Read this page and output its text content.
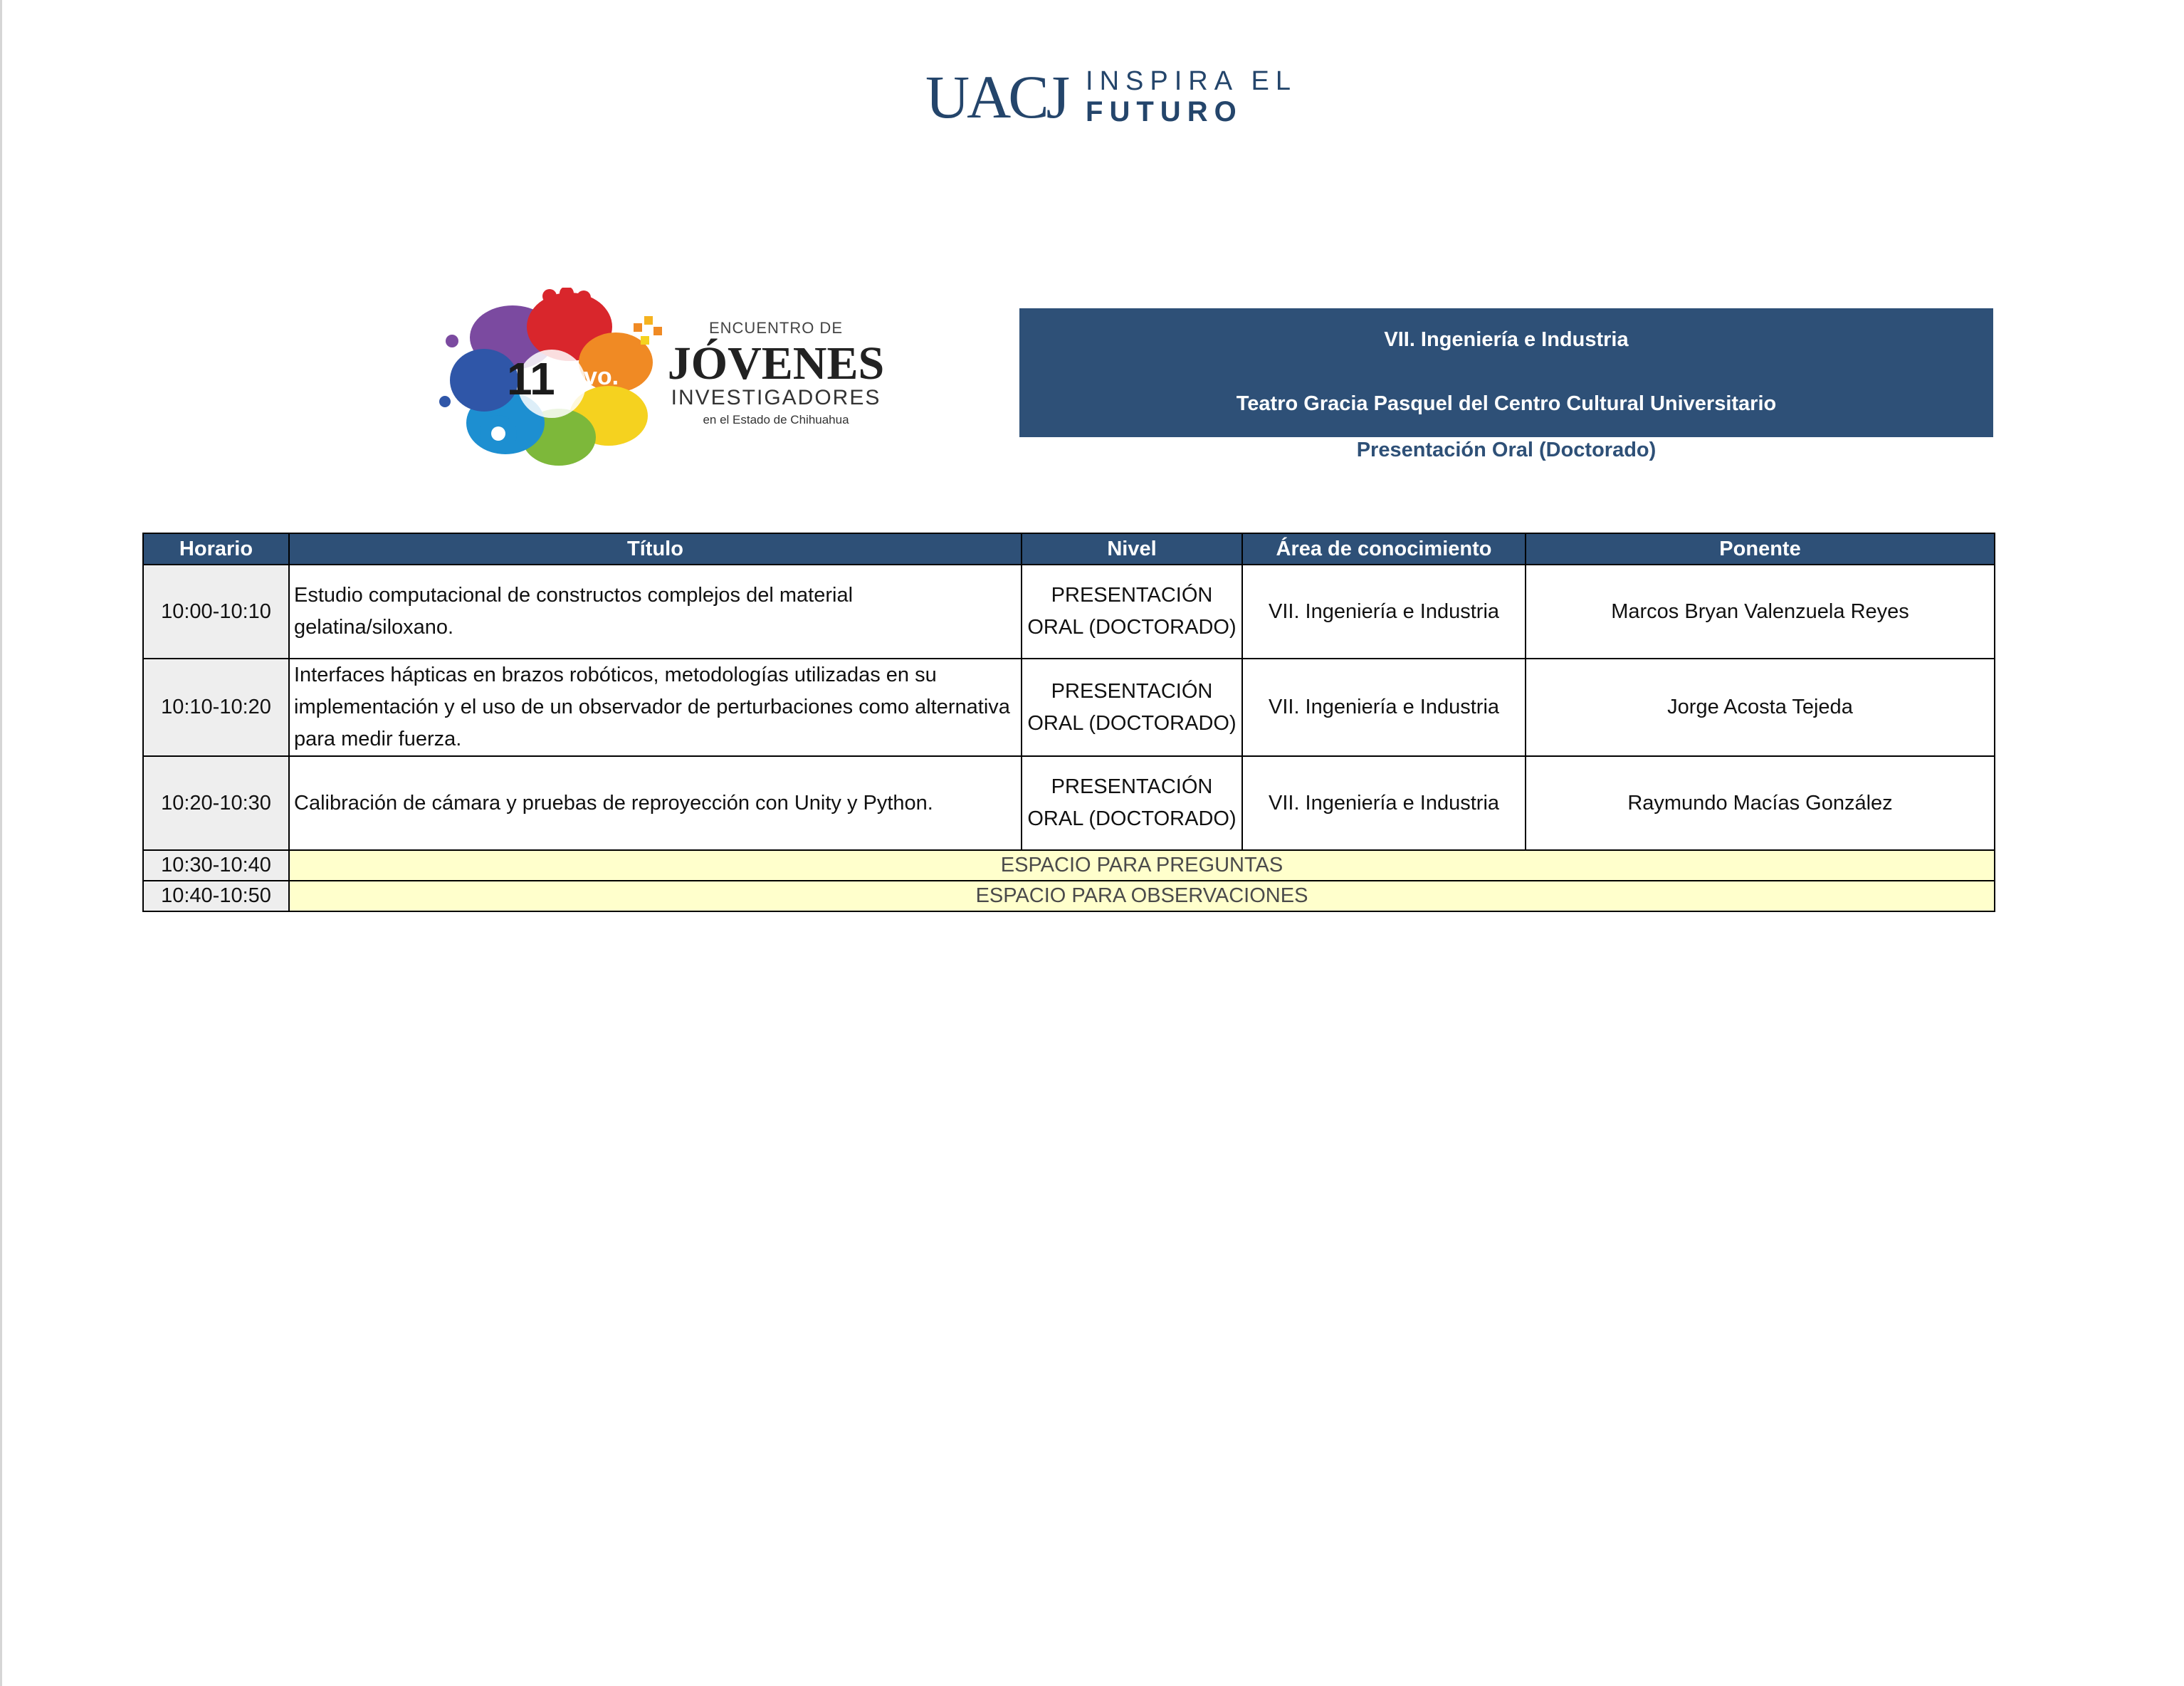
UACJ INSPIRA EL
FUTURO
11 vo.
ENCUENTRO DE
JÓVENES
INVESTIGADORES
en el Estado de Chihuahua
VII. Ingeniería e Industria
Teatro Gracia Pasquel del Centro Cultural Universitario
Presentación Oral (Doctorado)
Horario	Título	Nivel	Área de conocimiento	Ponente
10:00-10:10	Estudio computacional de constructos complejos del material gelatina/siloxano.	PRESENTACIÓN ORAL (DOCTORADO)	VII. Ingeniería e Industria	Marcos Bryan Valenzuela Reyes
10:10-10:20	Interfaces hápticas en brazos robóticos, metodologías utilizadas en su implementación y el uso de un observador de perturbaciones como alternativa para medir fuerza.	PRESENTACIÓN ORAL (DOCTORADO)	VII. Ingeniería e Industria	Jorge Acosta Tejeda
10:20-10:30	Calibración de cámara y pruebas de reproyección con Unity y Python.	PRESENTACIÓN ORAL (DOCTORADO)	VII. Ingeniería e Industria	Raymundo Macías González
10:30-10:40	ESPACIO PARA PREGUNTAS			
10:40-10:50	ESPACIO PARA OBSERVACIONES			
